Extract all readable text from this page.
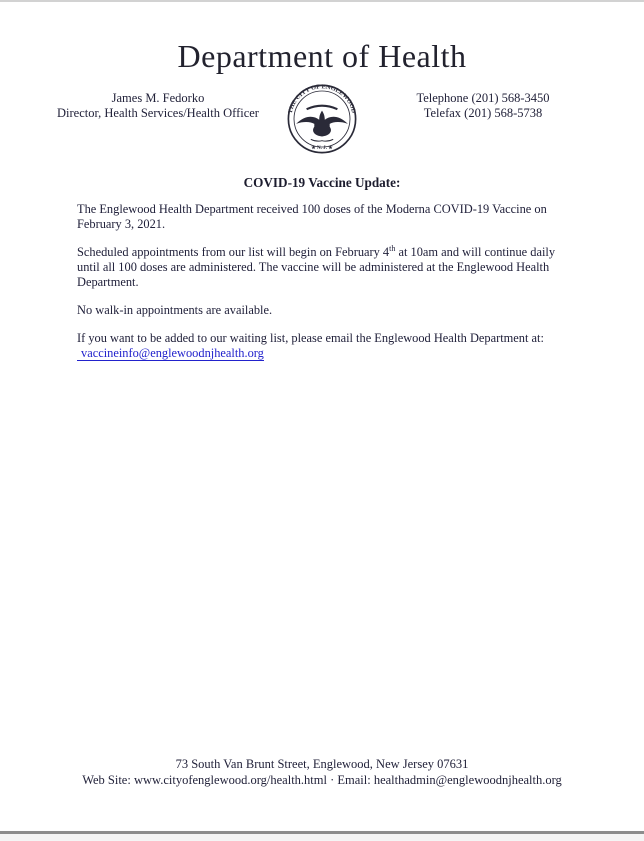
Department of Health
James M. Fedorko
Director, Health Services/Health Officer	THE CITY OF ENGLEWOOD
★ N. J. ★
Telephone (201) 568-3450
Telefax (201) 568-5738
COVID-19 Vaccine Update:

The Englewood Health Department received 100 doses of the Moderna COVID-19 Vaccine on February 3, 2021.

Scheduled appointments from our list will begin on February 4th at 10am and will continue daily until all 100 doses are administered. The vaccine will be administered at the Englewood Health Department.

No walk-in appointments are available.

If you want to be added to our waiting list, please email the Englewood Health Department at:
vaccineinfo@englewoodnjhealth.org

73 South Van Brunt Street, Englewood, New Jersey 07631
Web Site: www.cityofenglewood.org/health.html · Email: healthadmin@englewoodnjhealth.org
